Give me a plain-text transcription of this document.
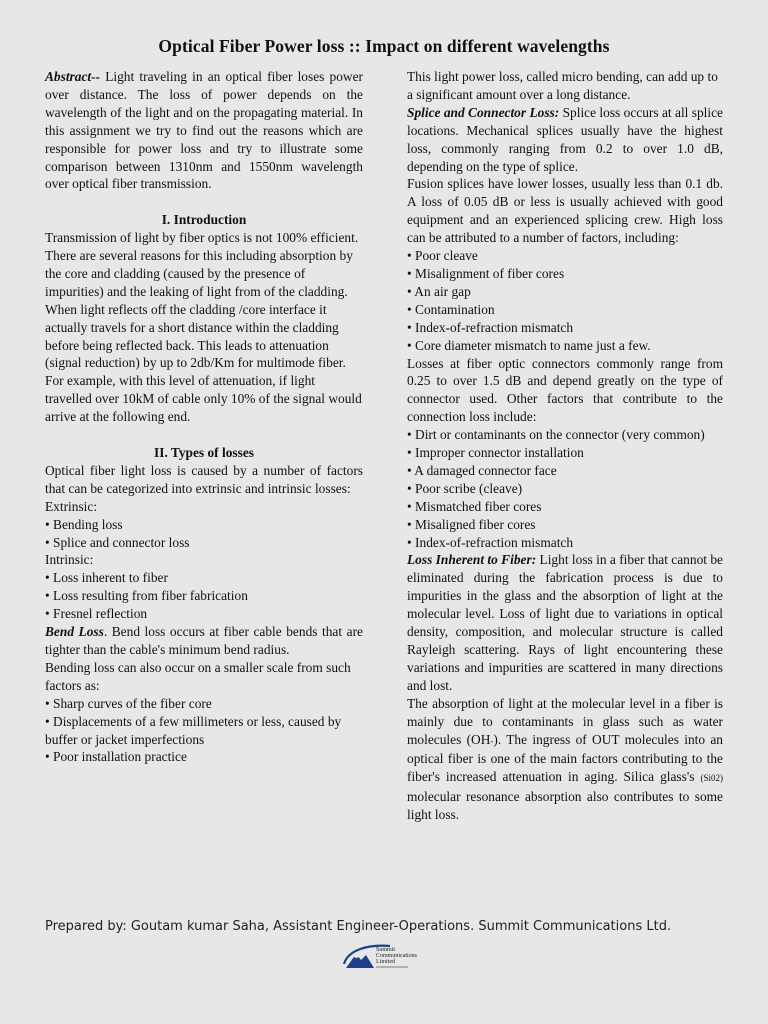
Optical Fiber Power loss :: Impact on different wavelengths

Abstract-- Light traveling in an optical fiber loses power over distance. The loss of power depends on the wavelength of the light and on the propagating material. In this assignment we try to find out the reasons which are responsible for power loss and try to illustrate some comparison between 1310nm and 1550nm wavelength over optical fiber transmission.

I. Introduction

Transmission of light by fiber optics is not 100% efficient. There are several reasons for this including absorption by the core and cladding (caused by the presence of impurities) and the leaking of light from of the cladding. When light reflects off the cladding /core interface it actually travels for a short distance within the cladding before being reflected back. This leads to attenuation (signal reduction) by up to 2db/Km for multimode fiber. For example, with this level of attenuation, if light travelled over 10kM of cable only 10% of the signal would arrive at the following end.

II. Types of losses

Optical fiber light loss is caused by a number of factors that can be categorized into extrinsic and intrinsic losses:

Extrinsic:

• Bending loss

• Splice and connector loss

Intrinsic:

• Loss inherent to fiber

• Loss resulting from fiber fabrication

• Fresnel reflection

Bend Loss. Bend loss occurs at fiber cable bends that are tighter than the cable's minimum bend radius.

Bending loss can also occur on a smaller scale from such factors as:

• Sharp curves of the fiber core

• Displacements of a few millimeters or less, caused by buffer or jacket imperfections

• Poor installation practice

This light power loss, called micro bending, can add up to a significant amount over a long distance.

Splice and Connector Loss: Splice loss occurs at all splice locations. Mechanical splices usually have the highest loss, commonly ranging from 0.2 to over 1.0 dB, depending on the type of splice.

Fusion splices have lower losses, usually less than 0.1 db. A loss of 0.05 dB or less is usually achieved with good equipment and an experienced splicing crew. High loss can be attributed to a number of factors, including:

• Poor cleave

• Misalignment of fiber cores

• An air gap

• Contamination

• Index-of-refraction mismatch

• Core diameter mismatch to name just a few.

Losses at fiber optic connectors commonly range from 0.25 to over 1.5 dB and depend greatly on the type of connector used. Other factors that contribute to the connection loss include:

• Dirt or contaminants on the connector (very common)

• Improper connector installation

• A damaged connector face

• Poor scribe (cleave)

• Mismatched fiber cores

• Misaligned fiber cores

• Index-of-refraction mismatch

Loss Inherent to Fiber: Light loss in a fiber that cannot be eliminated during the fabrication process is due to impurities in the glass and the absorption of light at the molecular level. Loss of light due to variations in optical density, composition, and molecular structure is called Rayleigh scattering. Rays of light encountering these variations and impurities are scattered in many directions and lost.

The absorption of light at the molecular level in a fiber is mainly due to contaminants in glass such as water molecules (OH-). The ingress of OUT molecules into an optical fiber is one of the main factors contributing to the fiber's increased attenuation in aging. Silica glass's (Si02) molecular resonance absorption also contributes to some light loss.

Prepared by: Goutam kumar Saha, Assistant Engineer-Operations. Summit Communications Ltd.
Summit
Communications
Limited
